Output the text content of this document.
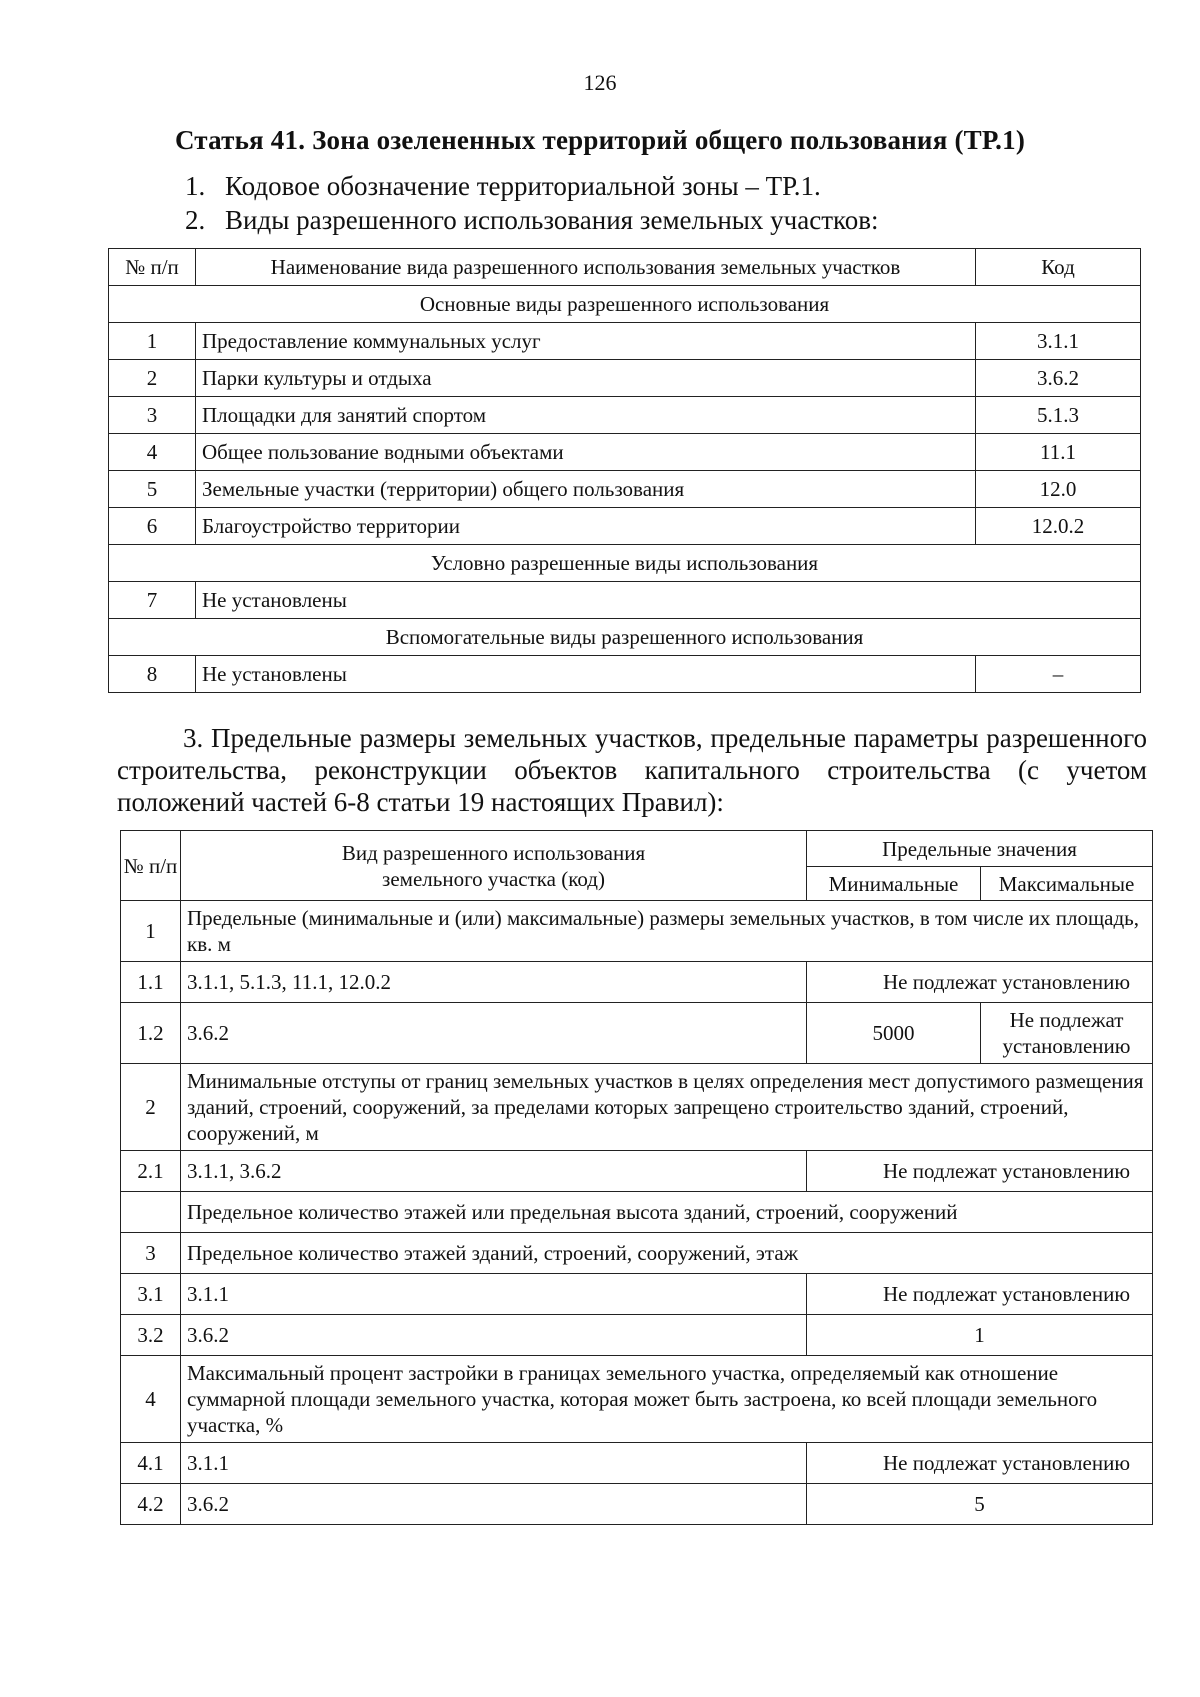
126
Статья 41. Зона озелененных территорий общего пользования (ТР.1)
1. Кодовое обозначение территориальной зоны – ТР.1.
2. Виды разрешенного использования земельных участков:
№ п/п	Наименование вида разрешенного использования земельных участков	Код
Основные виды разрешенного использования		
1	Предоставление коммунальных услуг	3.1.1
2	Парки культуры и отдыха	3.6.2
3	Площадки для занятий спортом	5.1.3
4	Общее пользование водными объектами	11.1
5	Земельные участки (территории) общего пользования	12.0
6	Благоустройство территории	12.0.2
Условно разрешенные виды использования		
7	Не установлены	
Вспомогательные виды разрешенного использования		
8	Не установлены	–
3. Предельные размеры земельных участков, предельные параметры разрешенного строительства, реконструкции объектов капитального строительства (с учетом положений частей 6-8 статьи 19 настоящих Правил):
№ п/п	Вид разрешенного использования земельного участка (код)	Предельные значения	
		Минимальные	Максимальные
1	Предельные (минимальные и (или) максимальные) размеры земельных участков, в том числе их площадь, кв. м		
1.1	3.1.1, 5.1.3, 11.1, 12.0.2	Не подлежат установлению	
1.2	3.6.2	5000	Не подлежат установлению
2	Минимальные отступы от границ земельных участков в целях определения мест допустимого размещения зданий, строений, сооружений, за пределами которых запрещено строительство зданий, строений, сооружений, м		
2.1	3.1.1, 3.6.2	Не подлежат установлению	
	Предельное количество этажей или предельная высота зданий, строений, сооружений		
3	Предельное количество этажей зданий, строений, сооружений, этаж		
3.1	3.1.1	Не подлежат установлению	
3.2	3.6.2	1	
4	Максимальный процент застройки в границах земельного участка, определяемый как отношение суммарной площади земельного участка, которая может быть застроена, ко всей площади земельного участка, %		
4.1	3.1.1	Не подлежат установлению	
4.2	3.6.2	5	
